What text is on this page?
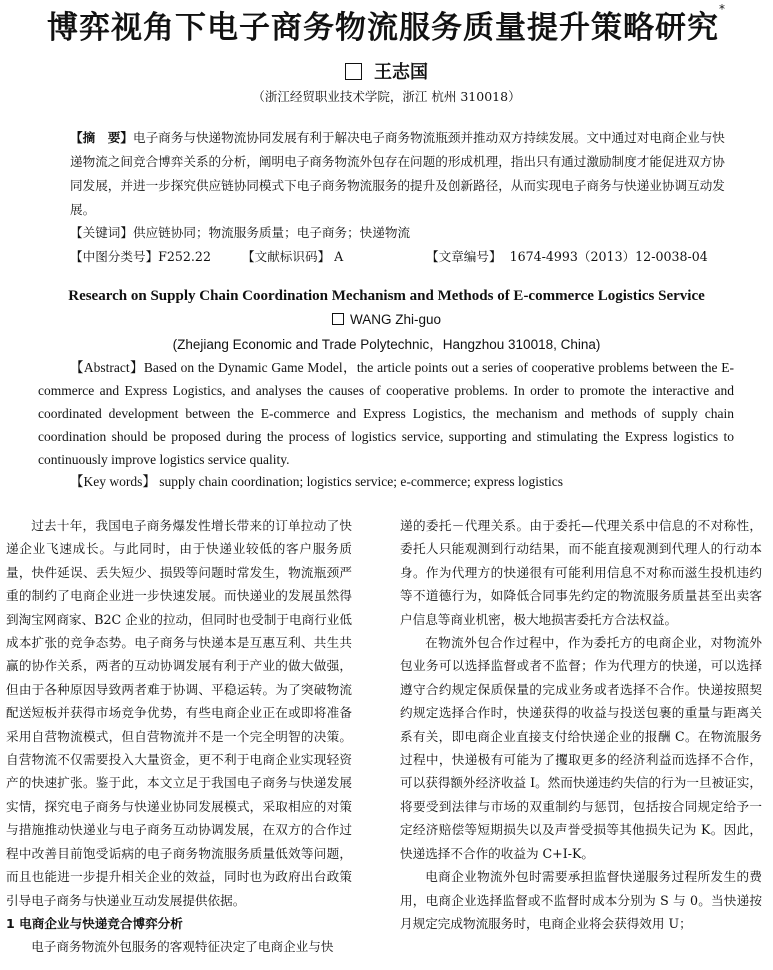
博弈视角下电子商务物流服务质量提升策略研究*
王志国
（浙江经贸职业技术学院，浙江 杭州 310018）
【摘　要】电子商务与快递物流协同发展有利于解决电子商务物流瓶颈并推动双方持续发展。文中通过对电商企业与快递物流之间竞合博弈关系的分析，阐明电子商务物流外包存在问题的形成机理，指出只有通过激励制度才能促进双方协同发展，并进一步探究供应链协同模式下电子商务物流服务的提升及创新路径，从而实现电子商务与快递业协调互动发展。
【关键词】供应链协同；物流服务质量；电子商务；快递物流
【中图分类号】F252.22 【文献标识码】 A	【文章编号】 1674-4993（2013）12-0038-04
Research on Supply Chain Coordination Mechanism and Methods of E-commerce Logistics Service
WANG Zhi-guo
(Zhejiang Economic and Trade Polytechnic，Hangzhou 310018, China)
【Abstract】Based on the Dynamic Game Model，the article points out a series of cooperative problems between the E-commerce and Express Logistics, and analyses the causes of cooperative problems. In order to promote the interactive and coordinated development between the E-commerce and Express Logistics, the mechanism and methods of supply chain coordination should be proposed during the process of logistics service, supporting and stimulating the Express logistics to continuously improve logistics service quality.
【Key words】 supply chain coordination; logistics service; e-commerce; express logistics

过去十年，我国电子商务爆发性增长带来的订单拉动了快递企业飞速成长。与此同时，由于快递业较低的客户服务质量，快件延误、丢失短少、损毁等问题时常发生，物流瓶颈严重的制约了电商企业进一步快速发展。而快递业的发展虽然得到淘宝网商家、B2C 企业的拉动，但同时也受制于电商行业低成本扩张的竞争态势。电子商务与快递本是互惠互利、共生共赢的协作关系，两者的互动协调发展有利于产业的做大做强，但由于各种原因导致两者难于协调、平稳运转。为了突破物流配送短板并获得市场竞争优势，有些电商企业正在或即将准备采用自营物流模式，但自营物流并不是一个完全明智的决策。自营物流不仅需要投入大量资金，更不利于电商企业实现轻资产的快速扩张。鉴于此，本文立足于我国电子商务与快递发展实情，探究电子商务与快递业协同发展模式，采取相应的对策与措施推动快递业与电子商务互动协调发展，在双方的合作过程中改善目前饱受诟病的电子商务物流服务质量低效等问题，而且也能进一步提升相关企业的效益，同时也为政府出台政策引导电子商务与快递业互动发展提供依据。

1 电商企业与快递竞合博弈分析

电子商务物流外包服务的客观特征决定了电商企业与快

递的委托－代理关系。由于委托—代理关系中信息的不对称性，委托人只能观测到行动结果，而不能直接观测到代理人的行动本身。作为代理方的快递很有可能利用信息不对称而滋生投机违约等不道德行为，如降低合同事先约定的物流服务质量甚至出卖客户信息等商业机密，极大地损害委托方合法权益。

在物流外包合作过程中，作为委托方的电商企业，对物流外包业务可以选择监督或者不监督；作为代理方的快递，可以选择遵守合约规定保质保量的完成业务或者选择不合作。快递按照契约规定选择合作时，快递获得的收益与投送包裹的重量与距离关系有关，即电商企业直接支付给快递企业的报酬 C。在物流服务过程中，快递极有可能为了攫取更多的经济利益而选择不合作，可以获得额外经济收益 I。然而快递违约失信的行为一旦被证实，将要受到法律与市场的双重制约与惩罚，包括按合同规定给予一定经济赔偿等短期损失以及声誉受损等其他损失记为 K。因此，快递选择不合作的收益为 C+I-K。

电商企业物流外包时需要承担监督快递服务过程所发生的费用，电商企业选择监督或不监督时成本分别为 S 与 0。当快递按月规定完成物流服务时，电商企业将会获得效用 U；
